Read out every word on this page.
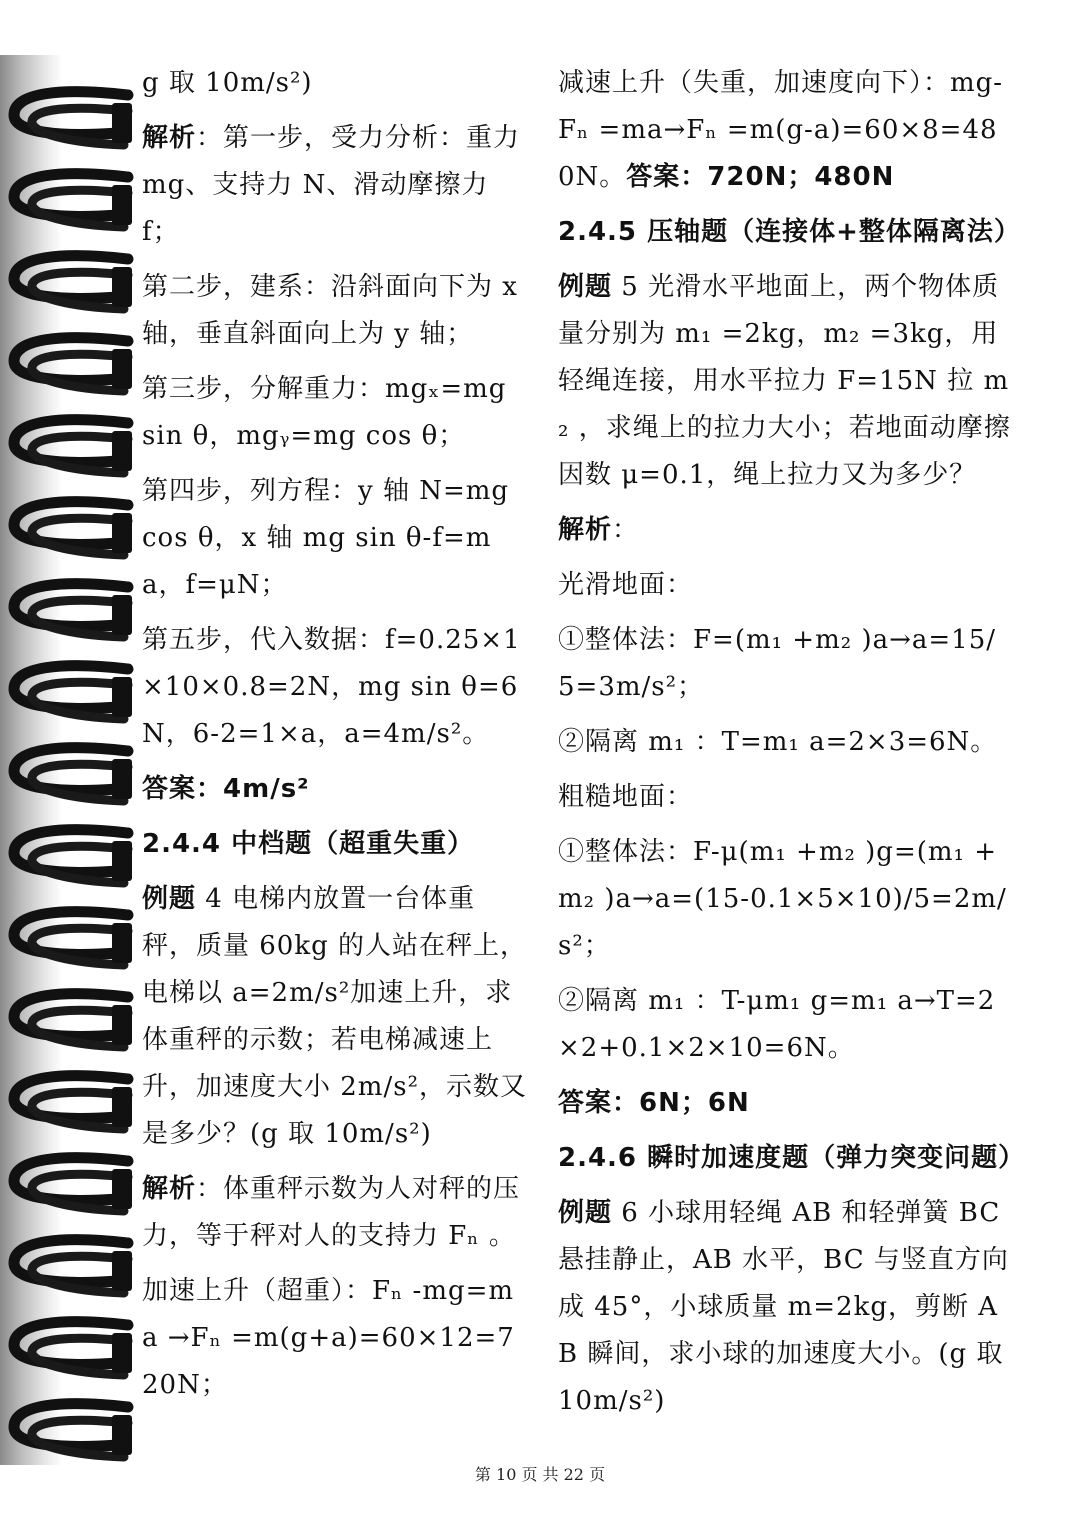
g 取 10m/s²)

解析：第一步，受力分析：重力 mg、支持力 N、滑动摩擦力 f；

第二步，建系：沿斜面向下为 x 轴，垂直斜面向上为 y 轴；

第三步，分解重力：mgₓ=mg sin θ，mgᵧ=mg cos θ；

第四步，列方程：y 轴 N=mg cos θ，x 轴 mg sin θ-f=ma，f=μN；

第五步，代入数据：f=0.25×1×10×0.8=2N，mg sin θ=6N，6-2=1×a，a=4m/s²。

答案：4m/s²

2.4.4 中档题（超重失重）

例题 4 电梯内放置一台体重秤，质量 60kg 的人站在秤上，电梯以 a=2m/s²加速上升，求体重秤的示数；若电梯减速上升，加速度大小 2m/s²，示数又是多少？(g 取 10m/s²)

解析：体重秤示数为人对秤的压力，等于秤对人的支持力 Fₙ 。

加速上升（超重）：Fₙ -mg=ma →Fₙ =m(g+a)=60×12=720N；

减速上升（失重，加速度向下）：mg-Fₙ =ma→Fₙ =m(g-a)=60×8=480N。答案：720N；480N

2.4.5 压轴题（连接体+整体隔离法）

例题 5 光滑水平地面上，两个物体质量分别为 m₁ =2kg，m₂ =3kg，用轻绳连接，用水平拉力 F=15N 拉 m₂ ，求绳上的拉力大小；若地面动摩擦因数 μ=0.1，绳上拉力又为多少？

解析：

光滑地面：

①整体法：F=(m₁ +m₂ )a→a=15/5=3m/s²；

②隔离 m₁ ：T=m₁ a=2×3=6N。

粗糙地面：

①整体法：F-μ(m₁ +m₂ )g=(m₁ +m₂ )a→a=(15-0.1×5×10)/5=2m/s²；

②隔离 m₁ ：T-μm₁ g=m₁ a→T=2×2+0.1×2×10=6N。

答案：6N；6N

2.4.6 瞬时加速度题（弹力突变问题）

例题 6 小球用轻绳 AB 和轻弹簧 BC 悬挂静止，AB 水平，BC 与竖直方向成 45°，小球质量 m=2kg，剪断 AB 瞬间，求小球的加速度大小。(g 取 10m/s²)

第 10 页 共 22 页
